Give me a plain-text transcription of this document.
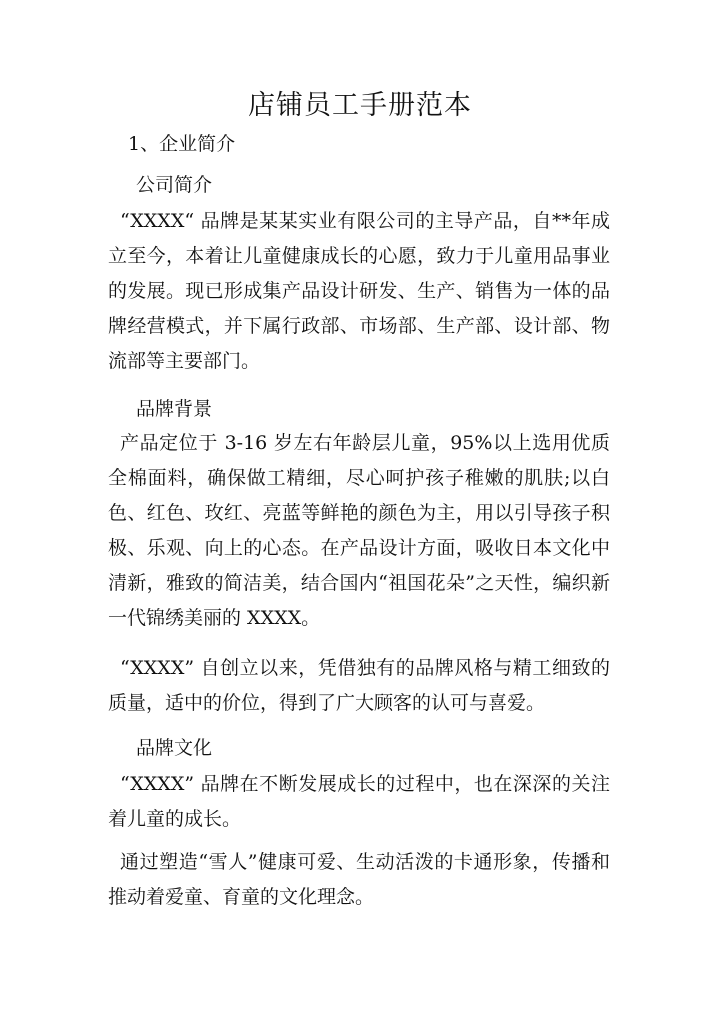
店铺员工手册范本
1、企业简介
公司简介

“XXXX“ 品牌是某某实业有限公司的主导产品，自**年成立至今，本着让儿童健康成长的心愿，致力于儿童用品事业的发展。现已形成集产品设计研发、生产、销售为一体的品牌经营模式，并下属行政部、市场部、生产部、设计部、物流部等主要部门。

品牌背景

产品定位于 3-16 岁左右年龄层儿童，95%以上选用优质全棉面料，确保做工精细，尽心呵护孩子稚嫩的肌肤;以白色、红色、玫红、亮蓝等鲜艳的颜色为主，用以引导孩子积极、乐观、向上的心态。在产品设计方面，吸收日本文化中清新，雅致的简洁美，结合国内“祖国花朵”之天性，编织新一代锦绣美丽的 XXXX。

“XXXX” 自创立以来，凭借独有的品牌风格与精工细致的质量，适中的价位，得到了广大顾客的认可与喜爱。

品牌文化

“XXXX” 品牌在不断发展成长的过程中，也在深深的关注着儿童的成长。

通过塑造“雪人”健康可爱、生动活泼的卡通形象，传播和推动着爱童、育童的文化理念。
